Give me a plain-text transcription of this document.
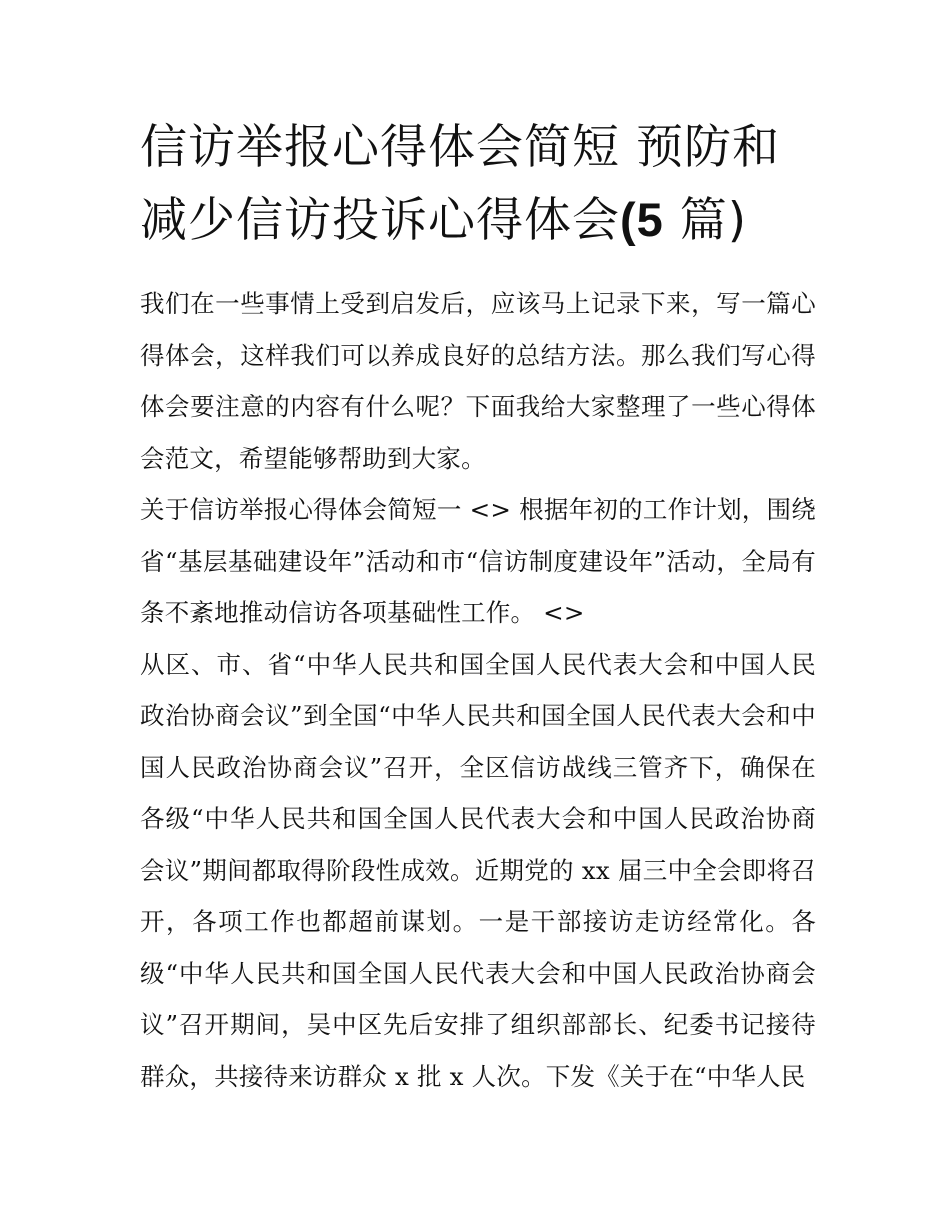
信访举报心得体会简短 预防和减少信访投诉心得体会(5 篇)

我们在一些事情上受到启发后，应该马上记录下来，写一篇心得体会，这样我们可以养成良好的总结方法。那么我们写心得体会要注意的内容有什么呢？下面我给大家整理了一些心得体会范文，希望能够帮助到大家。

关于信访举报心得体会简短一 <> 根据年初的工作计划，围绕省“基层基础建设年”活动和市“信访制度建设年”活动，全局有条不紊地推动信访各项基础性工作。 <>

从区、市、省“中华人民共和国全国人民代表大会和中国人民政治协商会议”到全国“中华人民共和国全国人民代表大会和中国人民政治协商会议”召开，全区信访战线三管齐下，确保在各级“中华人民共和国全国人民代表大会和中国人民政治协商会议”期间都取得阶段性成效。近期党的 xx 届三中全会即将召开，各项工作也都超前谋划。一是干部接访走访经常化。各级“中华人民共和国全国人民代表大会和中国人民政治协商会议”召开期间，吴中区先后安排了组织部部长、纪委书记接待群众，共接待来访群众 x 批 x 人次。下发《关于在“中华人民
